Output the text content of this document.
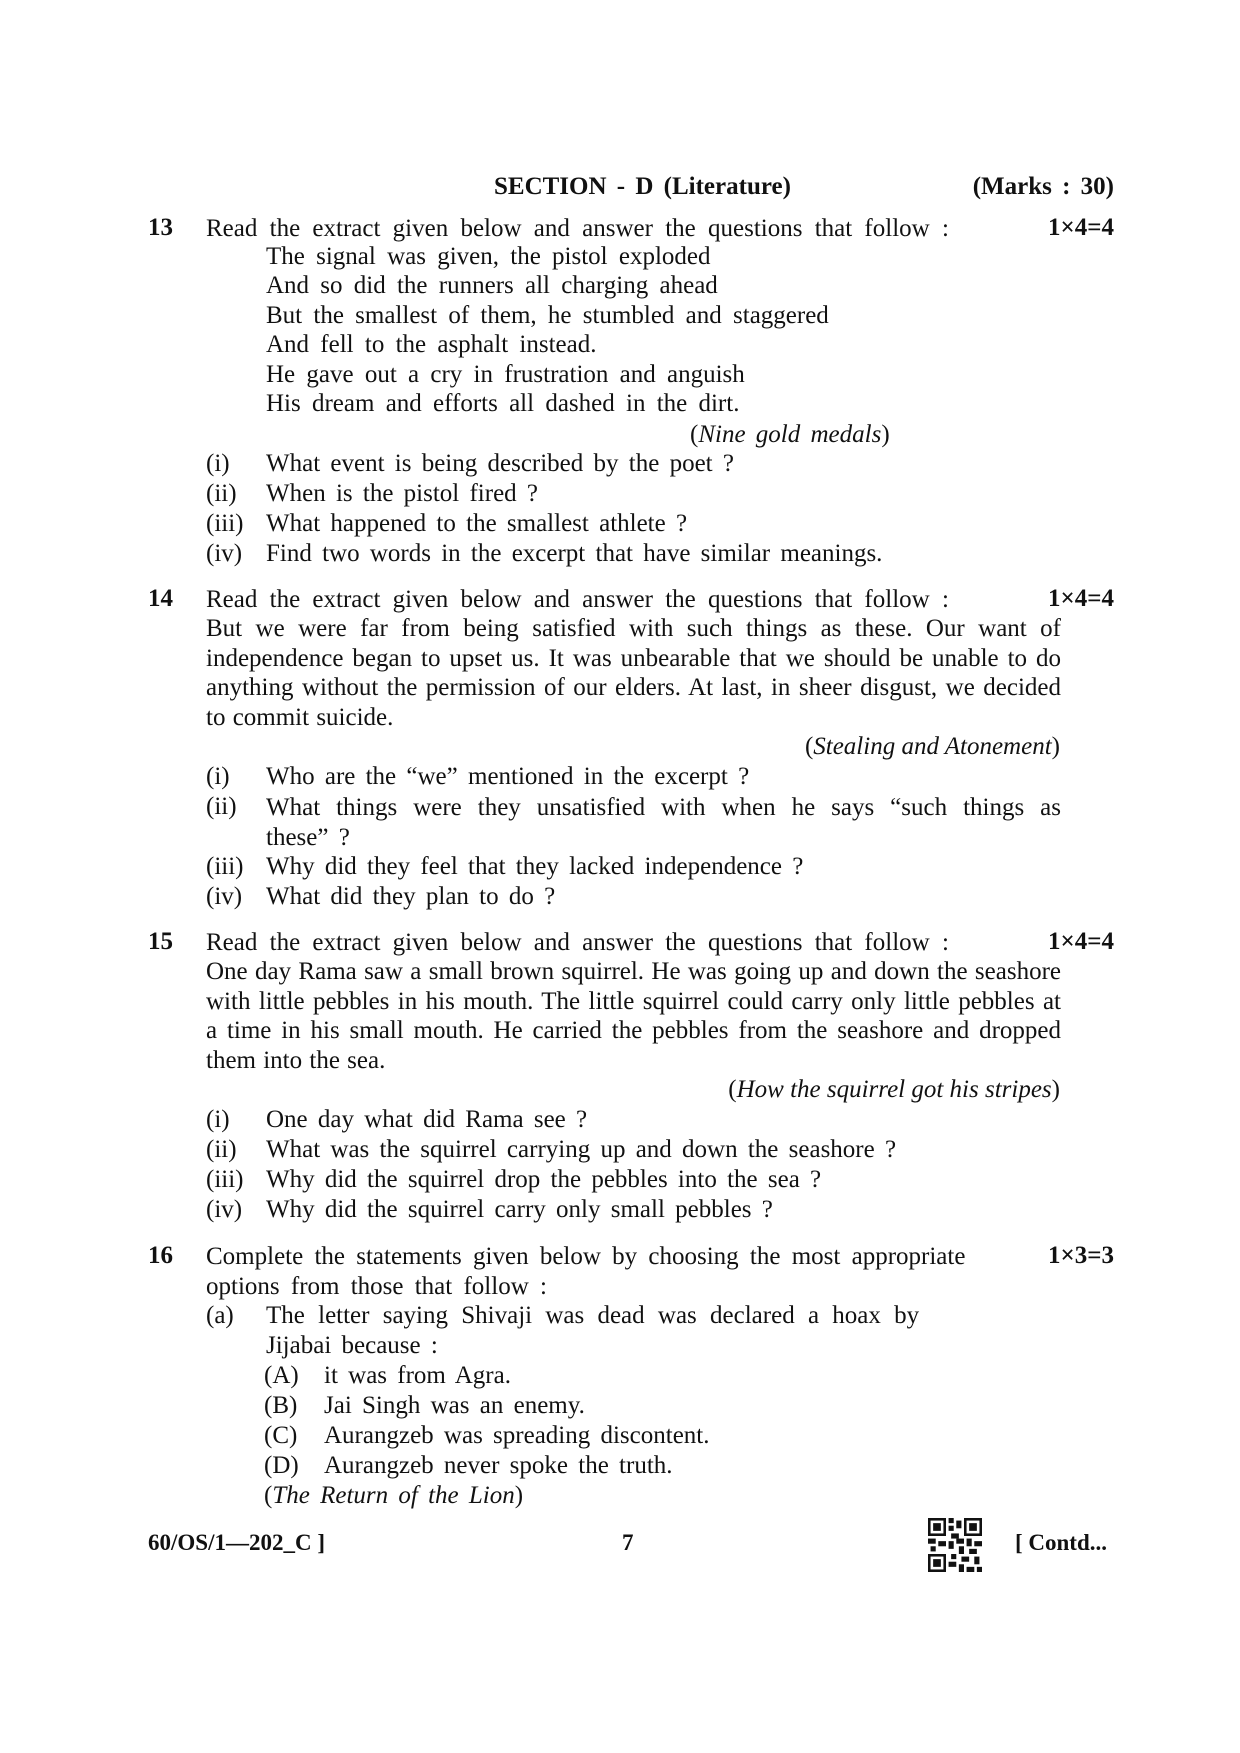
SECTION - D (Literature)	(Marks : 30)
13 Read the extract given below and answer the questions that follow :	1×4=4
The signal was given, the pistol exploded
And so did the runners all charging ahead
But the smallest of them, he stumbled and staggered
And fell to the asphalt instead.
He gave out a cry in frustration and anguish
His dream and efforts all dashed in the dirt.
(Nine gold medals)
(i) What event is being described by the poet ?
(ii) When is the pistol fired ?
(iii) What happened to the smallest athlete ?
(iv) Find two words in the excerpt that have similar meanings.
14 Read the extract given below and answer the questions that follow :	1×4=4
But we were far from being satisfied with such things as these. Our want of independence began to upset us. It was unbearable that we should be unable to do anything without the permission of our elders. At last, in sheer disgust, we decided to commit suicide.
(Stealing and Atonement)
(i) Who are the “we” mentioned in the excerpt ?
(ii) What things were they unsatisfied with when he says “such things as these” ?
(iii) Why did they feel that they lacked independence ?
(iv) What did they plan to do ?
15 Read the extract given below and answer the questions that follow :	1×4=4
One day Rama saw a small brown squirrel. He was going up and down the seashore with little pebbles in his mouth. The little squirrel could carry only little pebbles at a time in his small mouth. He carried the pebbles from the seashore and dropped them into the sea.
(How the squirrel got his stripes)
(i) One day what did Rama see ?
(ii) What was the squirrel carrying up and down the seashore ?
(iii) Why did the squirrel drop the pebbles into the sea ?
(iv) Why did the squirrel carry only small pebbles ?
16 Complete the statements given below by choosing the most appropriate
options from those that follow :
1×3=3
(a) The letter saying Shivaji was dead was declared a hoax by
Jijabai because :
(A) it was from Agra.
(B) Jai Singh was an enemy.
(C) Aurangzeb was spreading discontent.
(D) Aurangzeb never spoke the truth.
(The Return of the Lion)
60/OS/1—202_C ]	7	[ Contd...
